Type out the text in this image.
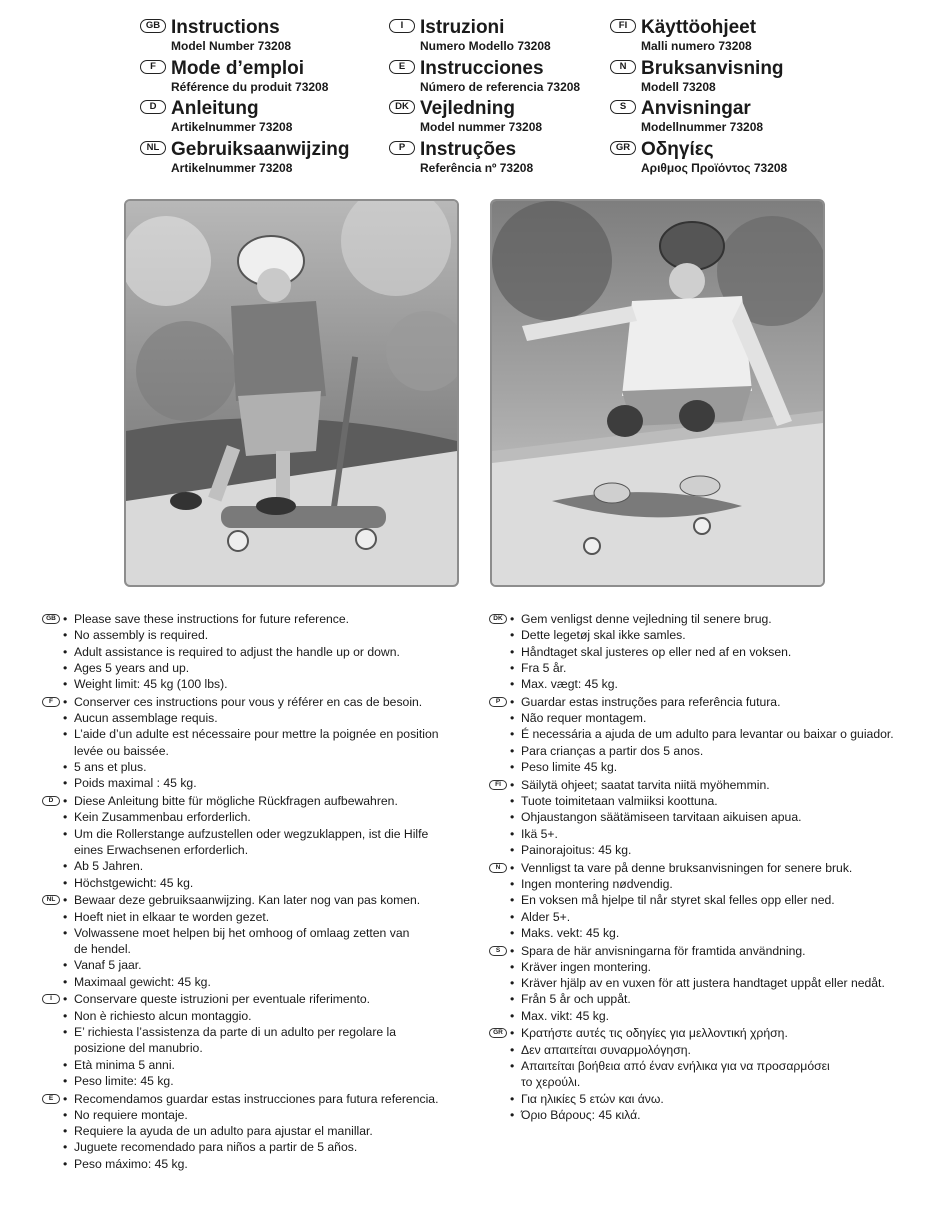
GB Instructions
Model Number 73208
F Mode d’emploi
Référence du produit 73208
D Anleitung
Artikelnummer 73208
NL Gebruiksaanwijzing
Artikelnummer 73208
I Istruzioni
Numero Modello 73208
E Instrucciones
Número de referencia 73208
DK Vejledning
Model nummer 73208
P Instruções
Referência nº 73208
FI Käyttöohjeet
Malli numero 73208
N Bruksanvisning
Modell 73208
S Anvisningar
Modellnummer 73208
GR Οδηγίες
Αριθμος Προϊόντος 73208
GB	• Please save these instructions for future reference.
• No assembly is required.
• Adult assistance is required to adjust the handle up or down.
• Ages 5 years and up.
• Weight limit: 45 kg (100 lbs).
F	• Conserver ces instructions pour vous y référer en cas de besoin.
• Aucun assemblage requis.
• L’aide d’un adulte est nécessaire pour mettre la poignée en position
levée ou baissée.
• 5 ans et plus.
• Poids maximal : 45 kg.
D	• Diese Anleitung bitte für mögliche Rückfragen aufbewahren.
• Kein Zusammenbau erforderlich.
• Um die Rollerstange aufzustellen oder wegzuklappen, ist die Hilfe
eines Erwachsenen erforderlich.
• Ab 5 Jahren.
• Höchstgewicht: 45 kg.
NL	• Bewaar deze gebruiksaanwijzing. Kan later nog van pas komen.
• Hoeft niet in elkaar te worden gezet.
• Volwassene moet helpen bij het omhoog of omlaag zetten van
de hendel.
• Vanaf 5 jaar.
• Maximaal gewicht: 45 kg.
I	• Conservare queste istruzioni per eventuale riferimento.
• Non è richiesto alcun montaggio.
• E’ richiesta l’assistenza da parte di un adulto per regolare la
posizione del manubrio.
• Età minima 5 anni.
• Peso limite: 45 kg.
E	• Recomendamos guardar estas instrucciones para futura referencia.
• No requiere montaje.
• Requiere la ayuda de un adulto para ajustar el manillar.
• Juguete recomendado para niños a partir de 5 años.
• Peso máximo: 45 kg.
DK	• Gem venligst denne vejledning til senere brug.
• Dette legetøj skal ikke samles.
• Håndtaget skal justeres op eller ned af en voksen.
• Fra 5 år.
• Max. vægt: 45 kg.
P	• Guardar estas instruções para referência futura.
• Não requer montagem.
• É necessária a ajuda de um adulto para levantar ou baixar o guiador.
• Para crianças a partir dos 5 anos.
• Peso limite 45 kg.
FI	• Säilytä ohjeet; saatat tarvita niitä myöhemmin.
• Tuote toimitetaan valmiiksi koottuna.
• Ohjaustangon säätämiseen tarvitaan aikuisen apua.
• Ikä 5+.
• Painorajoitus: 45 kg.
N	• Vennligst ta vare på denne bruksanvisningen for senere bruk.
• Ingen montering nødvendig.
• En voksen må hjelpe til når styret skal felles opp eller ned.
• Alder 5+.
• Maks. vekt: 45 kg.
S	• Spara de här anvisningarna för framtida användning.
• Kräver ingen montering.
• Kräver hjälp av en vuxen för att justera handtaget uppåt eller nedåt.
• Från 5 år och uppåt.
• Max. vikt: 45 kg.
GR	• Κρατήστε αυτές τις οδηγίες για μελλοντική χρήση.
• Δεν απαιτείται συναρμολόγηση.
• Απαιτείται βοήθεια από έναν ενήλικα για να προσαρμόσει
το χερούλι.
• Για ηλικίες 5 ετών και άνω.
• Όριο Βάρους: 45 κιλά.
